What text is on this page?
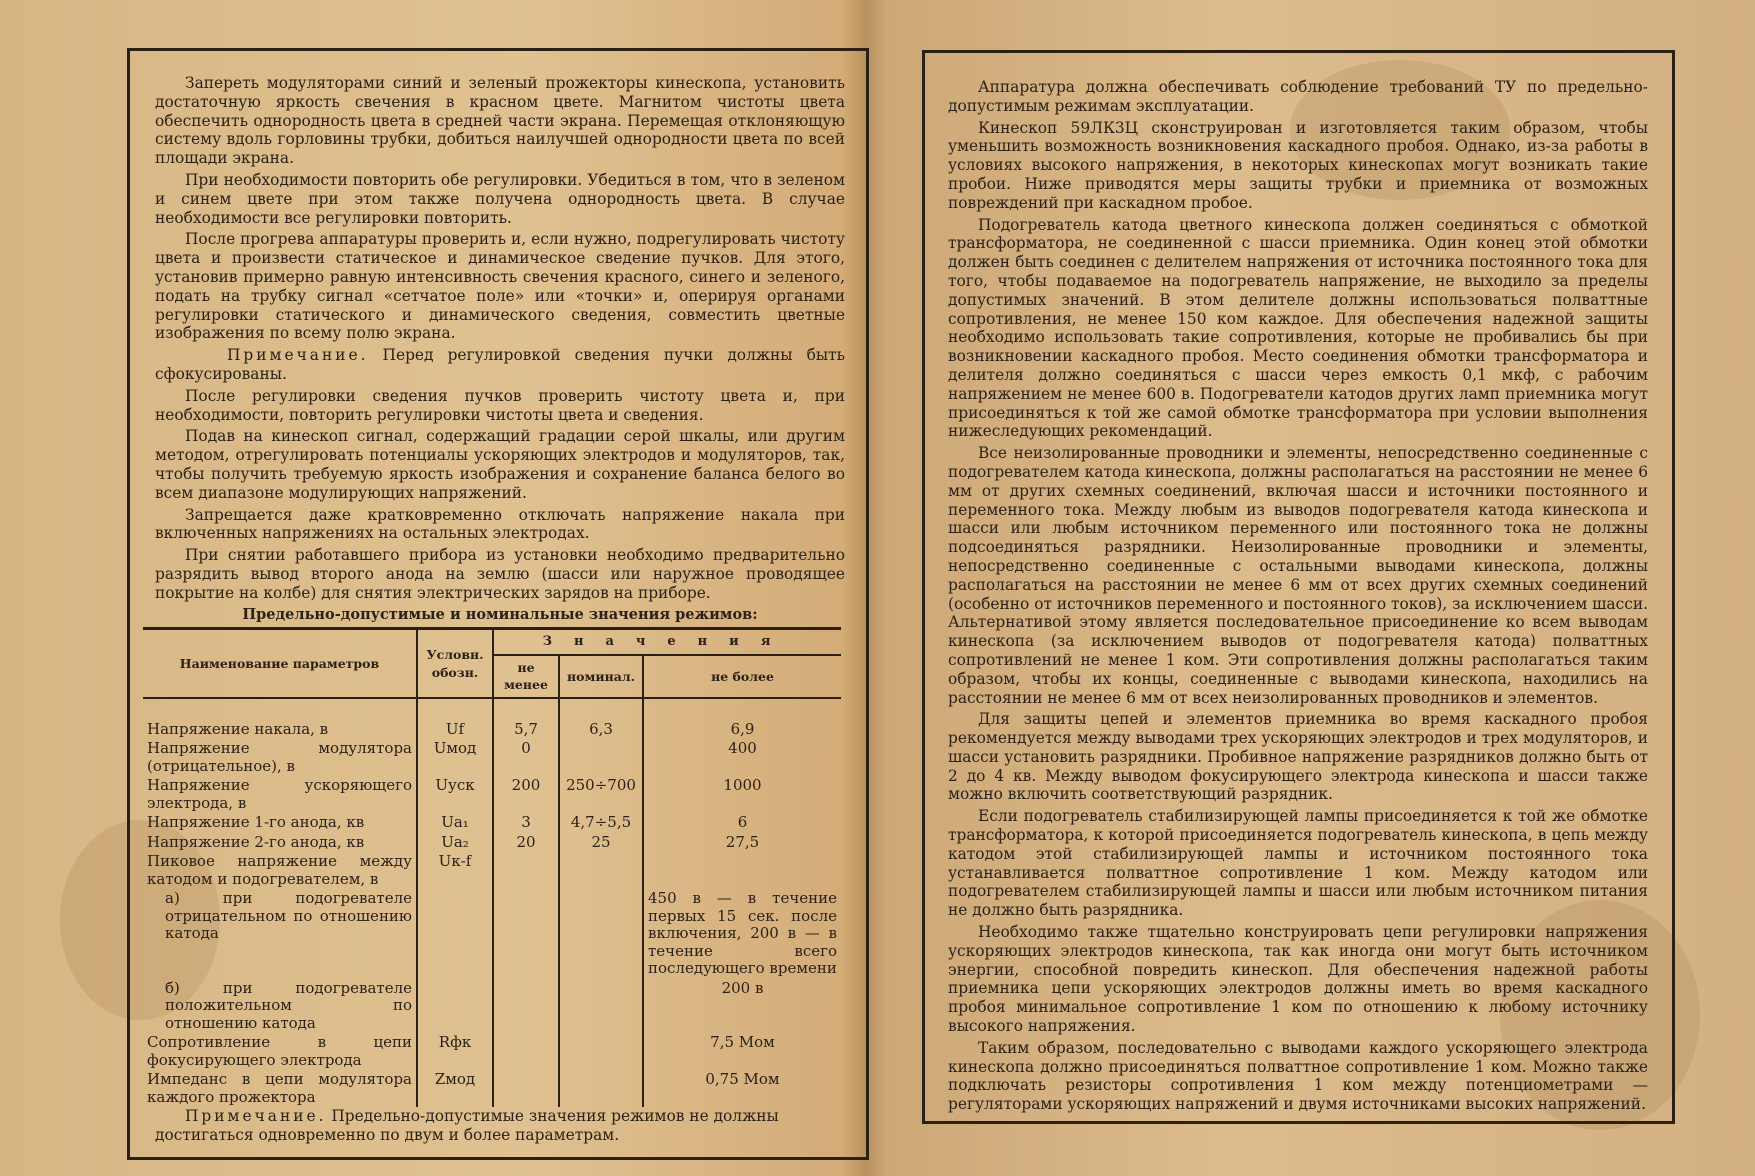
Запереть модуляторами синий и зеленый прожекторы кинескопа, установить достаточную яркость свечения в красном цвете. Магнитом чистоты цвета обеспечить однородность цвета в средней части экрана. Перемещая отклоняющую систему вдоль горловины трубки, добиться наилучшей однородности цвета по всей площади экрана.

При необходимости повторить обе регулировки. Убедиться в том, что в зеленом и синем цвете при этом также получена однородность цвета. В случае необходимости все регулировки повторить.

После прогрева аппаратуры проверить и, если нужно, подрегулировать чистоту цвета и произвести статическое и динамическое сведение пучков. Для этого, установив примерно равную интенсивность свечения красного, синего и зеленого, подать на трубку сигнал «сетчатое поле» или «точки» и, оперируя органами регулировки статического и динамического сведения, совместить цветные изображения по всему полю экрана.

Примечание. Перед регулировкой сведения пучки должны быть сфокусированы.

После регулировки сведения пучков проверить чистоту цвета и, при необходимости, повторить регулировки чистоты цвета и сведения.

Подав на кинескоп сигнал, содержащий градации серой шкалы, или другим методом, отрегулировать потенциалы ускоряющих электродов и модуляторов, так, чтобы получить требуемую яркость изображения и сохранение баланса белого во всем диапазоне модулирующих напряжений.

Запрещается даже кратковременно отключать напряжение накала при включенных напряжениях на остальных электродах.

При снятии работавшего прибора из установки необходимо предварительно разрядить вывод второго анода на землю (шасси или наружное проводящее покрытие на колбе) для снятия электрических зарядов на приборе.

Предельно-допустимые и номинальные значения режимов:

Наименование параметров	Условн. обозн.	Значения		
		не менее	номинал.	не более
Напряжение накала, в	Uf	5,7	6,3	6,9
Напряжение модулятора (отрицательное), в	Uмод	0		400
Напряжение ускоряющего электрода, в	Uуск	200	250÷700	1000
Напряжение 1-го анода, кв	Ua₁	3	4,7÷5,5	6
Напряжение 2-го анода, кв	Ua₂	20	25	27,5
Пиковое напряжение между катодом и подогревателем, в	Uк-f			
а) при подогревателе отрицательном по отношению катода				450 в — в течение первых 15 сек. после включения, 200 в — в течение всего последующего времени
б) при подогревателе положительном по отношению катода				200 в
Сопротивление в цепи фокусирующего электрода	Rфк			7,5 Мом
Импеданс в цепи модулятора каждого прожектора	Zмод			0,75 Мом

Примечание. Предельно-допустимые значения режимов не должны достигаться одновременно по двум и более параметрам.

Аппаратура должна обеспечивать соблюдение требований ТУ по предельно-допустимым режимам эксплуатации.

Кинескоп 59ЛК3Ц сконструирован и изготовляется таким образом, чтобы уменьшить возможность возникновения каскадного пробоя. Однако, из-за работы в условиях высокого напряжения, в некоторых кинескопах могут возникать такие пробои. Ниже приводятся меры защиты трубки и приемника от возможных повреждений при каскадном пробое.

Подогреватель катода цветного кинескопа должен соединяться с обмоткой трансформатора, не соединенной с шасси приемника. Один конец этой обмотки должен быть соединен с делителем напряжения от источника постоянного тока для того, чтобы подаваемое на подогреватель напряжение, не выходило за пределы допустимых значений. В этом делителе должны использоваться полваттные сопротивления, не менее 150 ком каждое. Для обеспечения надежной защиты необходимо использовать такие сопротивления, которые не пробивались бы при возникновении каскадного пробоя. Место соединения обмотки трансформатора и делителя должно соединяться с шасси через емкость 0,1 мкф, с рабочим напряжением не менее 600 в. Подогреватели катодов других ламп приемника могут присоединяться к той же самой обмотке трансформатора при условии выполнения нижеследующих рекомендаций.

Все неизолированные проводники и элементы, непосредственно соединенные с подогревателем катода кинескопа, должны располагаться на расстоянии не менее 6 мм от других схемных соединений, включая шасси и источники постоянного и переменного тока. Между любым из выводов подогревателя катода кинескопа и шасси или любым источником переменного или постоянного тока не должны подсоединяться разрядники. Неизолированные проводники и элементы, непосредственно соединенные с остальными выводами кинескопа, должны располагаться на расстоянии не менее 6 мм от всех других схемных соединений (особенно от источников переменного и постоянного токов), за исключением шасси. Альтернативой этому является последовательное присоединение ко всем выводам кинескопа (за исключением выводов от подогревателя катода) полваттных сопротивлений не менее 1 ком. Эти сопротивления должны располагаться таким образом, чтобы их концы, соединенные с выводами кинескопа, находились на расстоянии не менее 6 мм от всех неизолированных проводников и элементов.

Для защиты цепей и элементов приемника во время каскадного пробоя рекомендуется между выводами трех ускоряющих электродов и трех модуляторов, и шасси установить разрядники. Пробивное напряжение разрядников должно быть от 2 до 4 кв. Между выводом фокусирующего электрода кинескопа и шасси также можно включить соответствующий разрядник.

Если подогреватель стабилизирующей лампы присоединяется к той же обмотке трансформатора, к которой присоединяется подогреватель кинескопа, в цепь между катодом этой стабилизирующей лампы и источником постоянного тока устанавливается полваттное сопротивление 1 ком. Между катодом или подогревателем стабилизирующей лампы и шасси или любым источником питания не должно быть разрядника.

Необходимо также тщательно конструировать цепи регулировки напряжения ускоряющих электродов кинескопа, так как иногда они могут быть источником энергии, способной повредить кинескоп. Для обеспечения надежной работы приемника цепи ускоряющих электродов должны иметь во время каскадного пробоя минимальное сопротивление 1 ком по отношению к любому источнику высокого напряжения.

Таким образом, последовательно с выводами каждого ускоряющего электрода кинескопа должно присоединяться полваттное сопротивление 1 ком. Можно также подключать резисторы сопротивления 1 ком между потенциометрами — регуляторами ускоряющих напряжений и двумя источниками высоких напряжений.
